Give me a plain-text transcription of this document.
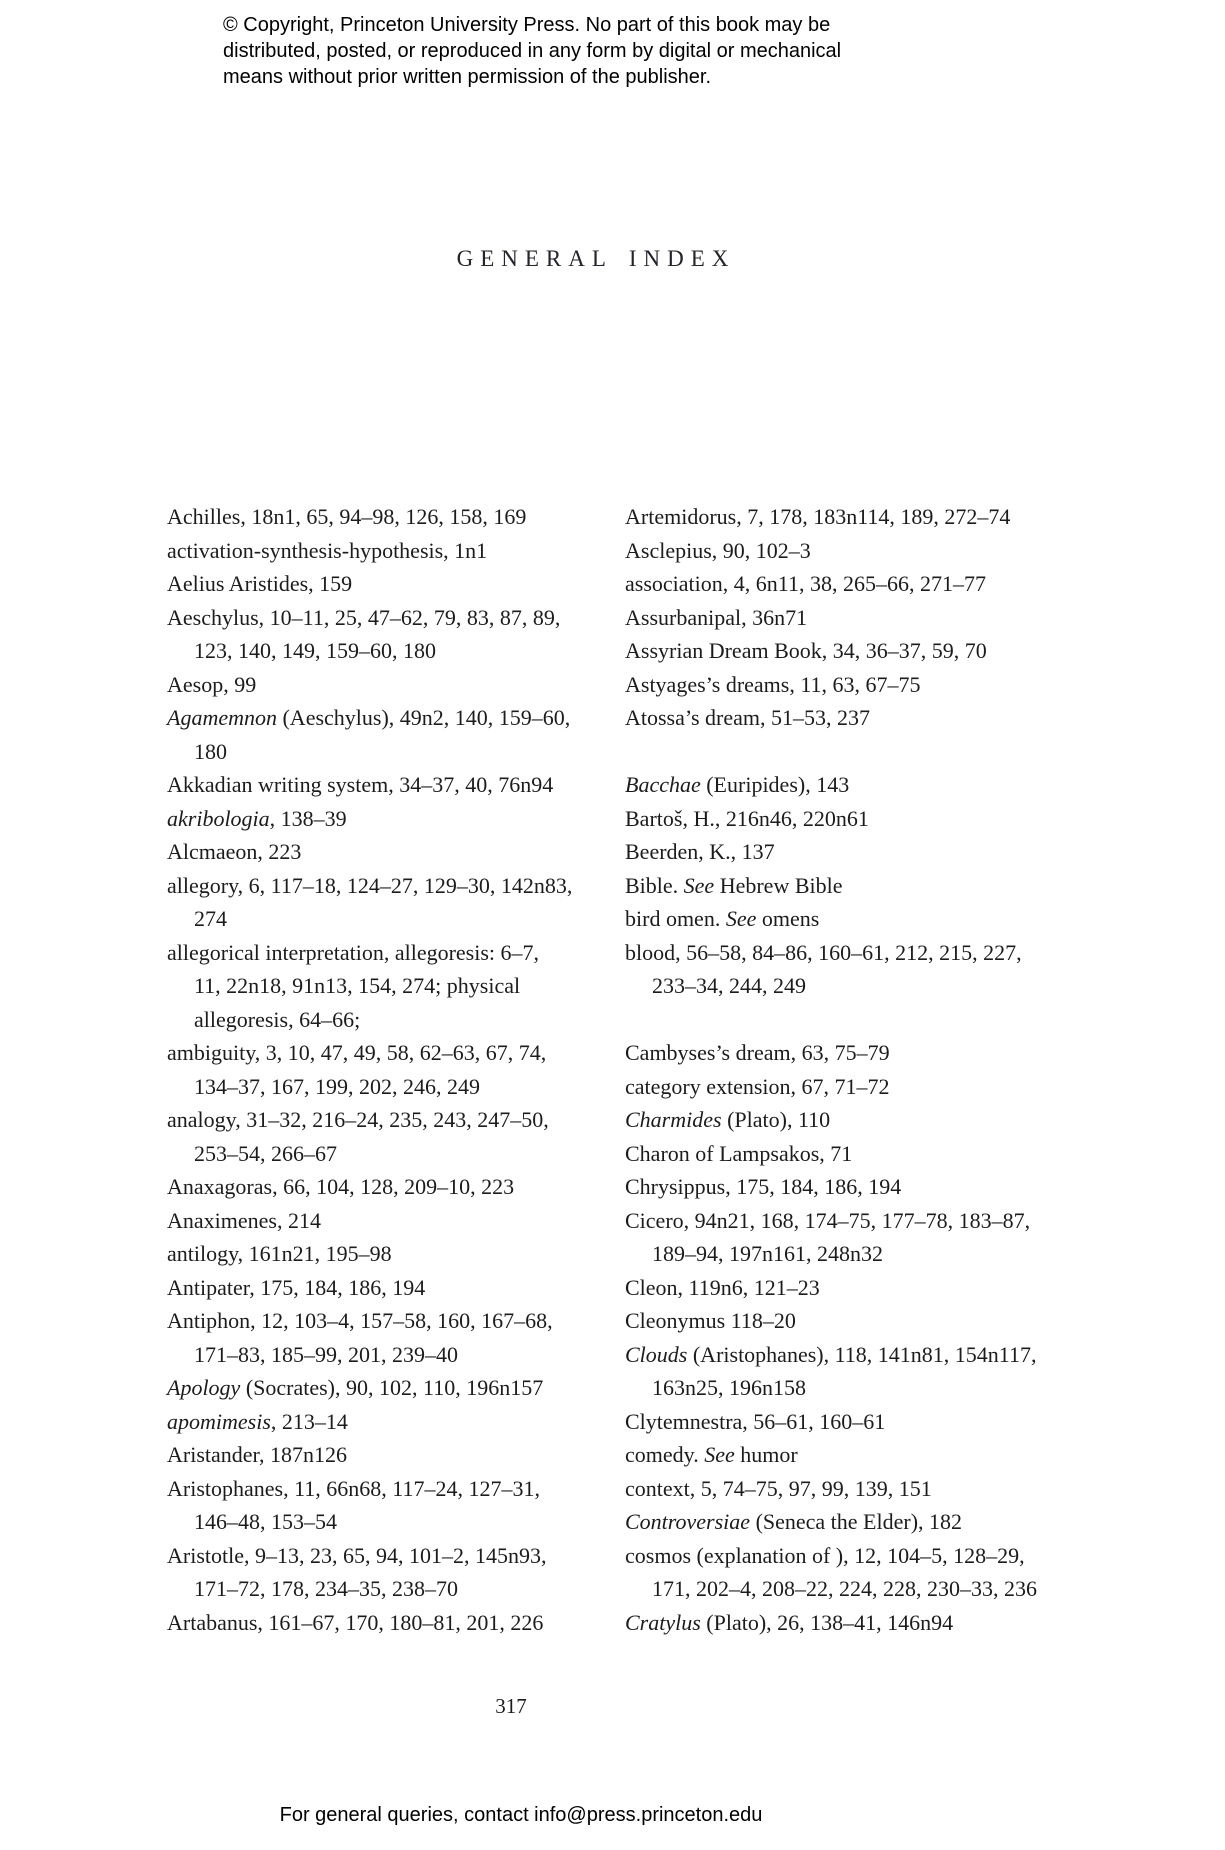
© Copyright, Princeton University Press. No part of this book may be
distributed, posted, or reproduced in any form by digital or mechanical
means without prior written permission of the publisher.
GENERAL INDEX
Achilles, 18n1, 65, 94–98, 126, 158, 169
activation-synthesis-hypothesis, 1n1
Aelius Aristides, 159
Aeschylus, 10–11, 25, 47–62, 79, 83, 87, 89,
123, 140, 149, 159–60, 180
Aesop, 99
Agamemnon (Aeschylus), 49n2, 140, 159–60,
180
Akkadian writing system, 34–37, 40, 76n94
akribologia, 138–39
Alcmaeon, 223
allegory, 6, 117–18, 124–27, 129–30, 142n83,
274
allegorical interpretation, allegoresis: 6–7,
11, 22n18, 91n13, 154, 274; physical
allegoresis, 64–66;
ambiguity, 3, 10, 47, 49, 58, 62–63, 67, 74,
134–37, 167, 199, 202, 246, 249
analogy, 31–32, 216–24, 235, 243, 247–50,
253–54, 266–67
Anaxagoras, 66, 104, 128, 209–10, 223
Anaximenes, 214
antilogy, 161n21, 195–98
Antipater, 175, 184, 186, 194
Antiphon, 12, 103–4, 157–58, 160, 167–68,
171–83, 185–99, 201, 239–40
Apology (Socrates), 90, 102, 110, 196n157
apomimesis, 213–14
Aristander, 187n126
Aristophanes, 11, 66n68, 117–24, 127–31,
146–48, 153–54
Aristotle, 9–13, 23, 65, 94, 101–2, 145n93,
171–72, 178, 234–35, 238–70
Artabanus, 161–67, 170, 180–81, 201, 226
Artemidorus, 7, 178, 183n114, 189, 272–74
Asclepius, 90, 102–3
association, 4, 6n11, 38, 265–66, 271–77
Assurbanipal, 36n71
Assyrian Dream Book, 34, 36–37, 59, 70
Astyages’s dreams, 11, 63, 67–75
Atossa’s dream, 51–53, 237
Bacchae (Euripides), 143
Bartoš, H., 216n46, 220n61
Beerden, K., 137
Bible. See Hebrew Bible
bird omen. See omens
blood, 56–58, 84–86, 160–61, 212, 215, 227,
233–34, 244, 249
Cambyses’s dream, 63, 75–79
category extension, 67, 71–72
Charmides (Plato), 110
Charon of Lampsakos, 71
Chrysippus, 175, 184, 186, 194
Cicero, 94n21, 168, 174–75, 177–78, 183–87,
189–94, 197n161, 248n32
Cleon, 119n6, 121–23
Cleonymus 118–20
Clouds (Aristophanes), 118, 141n81, 154n117,
163n25, 196n158
Clytemnestra, 56–61, 160–61
comedy. See humor
context, 5, 74–75, 97, 99, 139, 151
Controversiae (Seneca the Elder), 182
cosmos (explanation of ), 12, 104–5, 128–29,
171, 202–4, 208–22, 224, 228, 230–33, 236
Cratylus (Plato), 26, 138–41, 146n94
317
For general queries, contact info@press.princeton.edu
